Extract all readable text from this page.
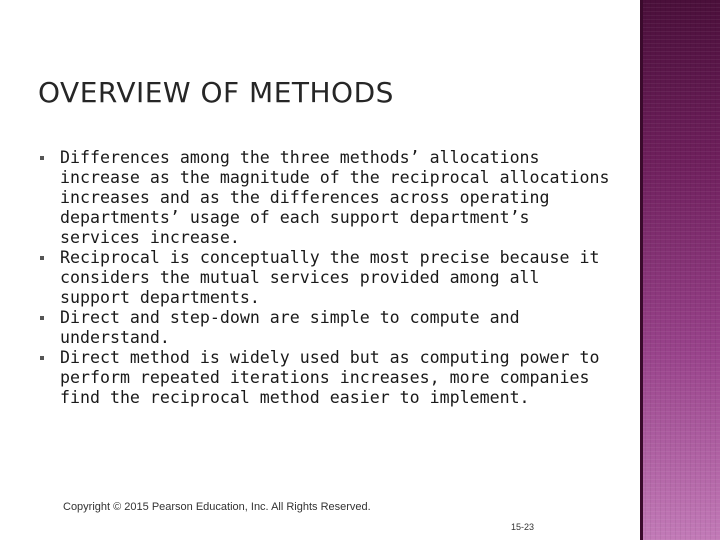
OVERVIEW OF METHODS
Differences among the three methods’ allocations increase as the magnitude of the reciprocal allocations increases and as the differences across operating departments’ usage of each support department’s services increase.
Reciprocal is conceptually the most precise because it considers the mutual services provided among all support departments.
Direct and step-down are simple to compute and understand.
Direct method is widely used but as computing power to perform repeated iterations increases, more companies find the reciprocal method easier to implement.
Copyright © 2015 Pearson Education, Inc. All Rights Reserved.
15-23
